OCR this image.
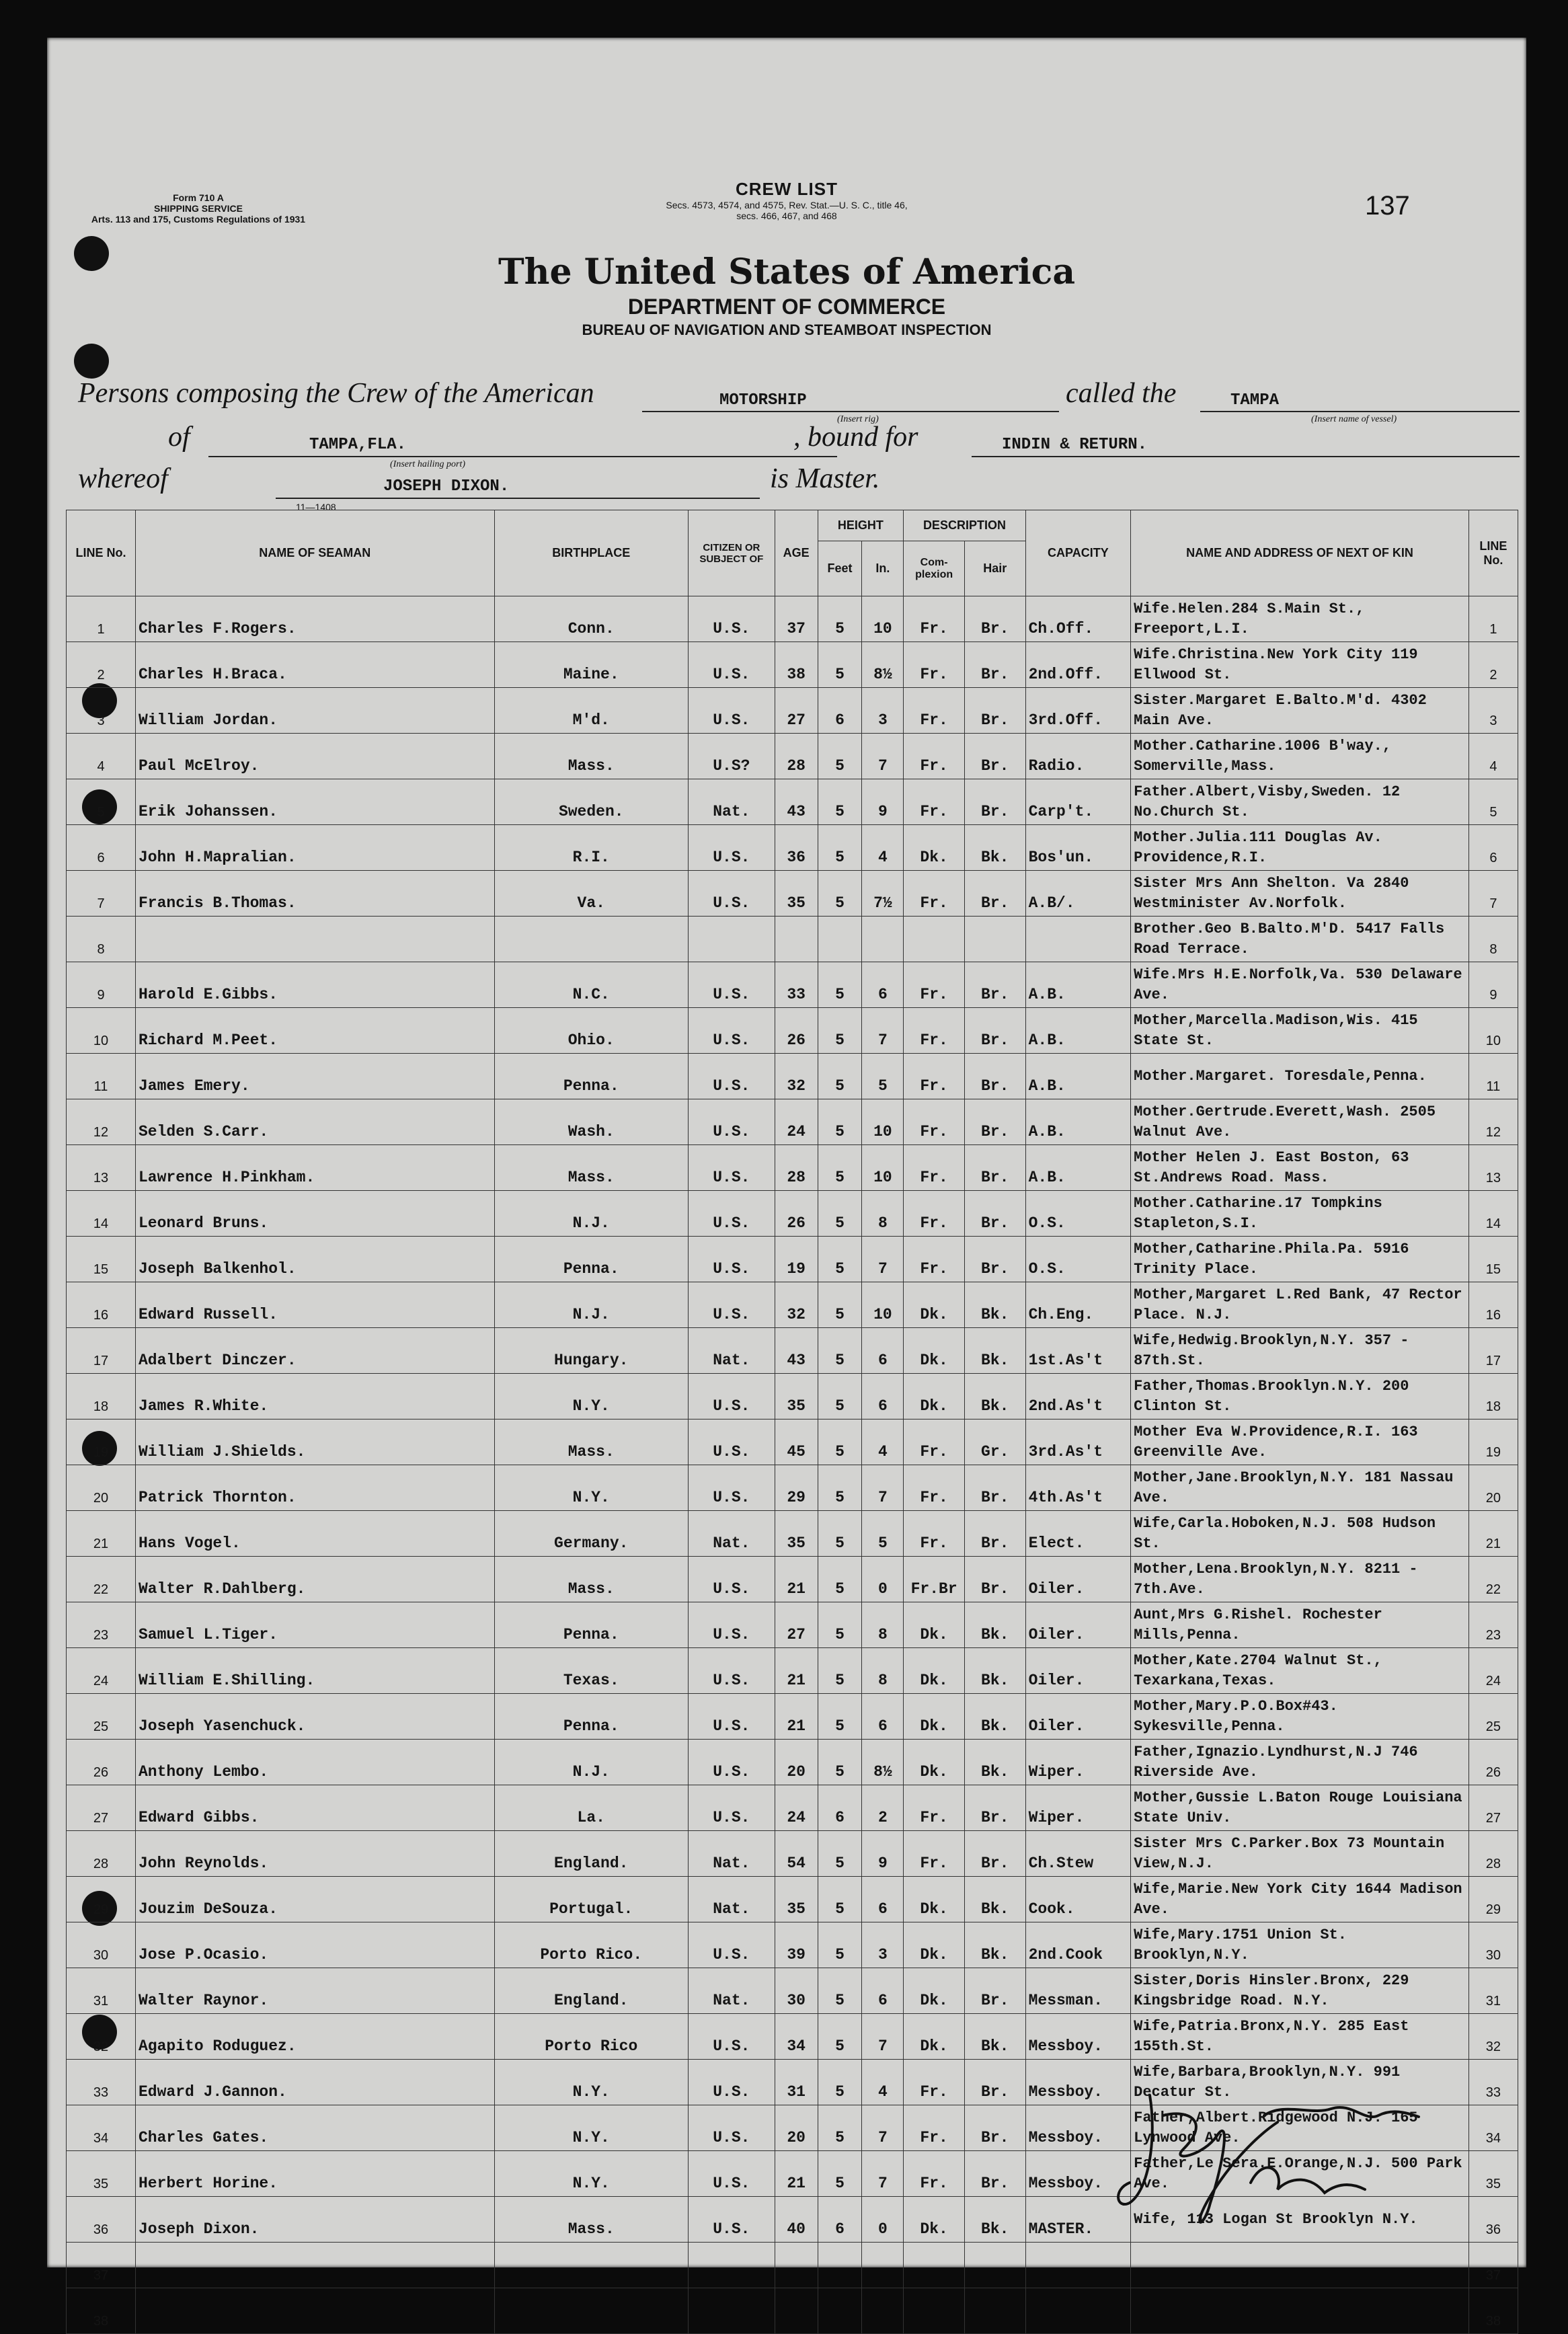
Form 710 A
SHIPPING SERVICE
Arts. 113 and 175, Customs Regulations of 1931
CREW LIST
Secs. 4573, 4574, and 4575, Rev. Stat.—U. S. C., title 46,
secs. 466, 467, and 468	137
The United States of America
DEPARTMENT OF COMMERCE
BUREAU OF NAVIGATION AND STEAMBOAT INSPECTION
Persons composing the Crew of the American	MOTORSHIP
(Insert rig)
called the	TAMPA
(Insert name of vessel)
of	TAMPA,FLA.
(Insert hailing port)
, bound for	INDIN & RETURN.
whereof	JOSEPH DIXON.	is Master.
11—1408
LINE No.	NAME OF SEAMAN	BIRTHPLACE	CITIZEN OR SUBJECT OF	AGE	HEIGHT		DESCRIPTION		CAPACITY	NAME AND ADDRESS OF NEXT OF KIN	LINE No.
					Feet	In.	Com- plexion	Hair			
1	Charles F.Rogers.	Conn.	U.S.	37	5	10	Fr.	Br.	Ch.Off.	Wife.Helen.284 S.Main St., Freeport,L.I.	1
2	Charles H.Braca.	Maine.	U.S.	38	5	8½	Fr.	Br.	2nd.Off.	Wife.Christina.New York City 119 Ellwood St.	2
3	William Jordan.	M'd.	U.S.	27	6	3	Fr.	Br.	3rd.Off.	Sister.Margaret E.Balto.M'd. 4302 Main Ave.	3
4	Paul McElroy.	Mass.	U.S?	28	5	7	Fr.	Br.	Radio.	Mother.Catharine.1006 B'way., Somerville,Mass.	4
5	Erik Johanssen.	Sweden.	Nat.	43	5	9	Fr.	Br.	Carp't.	Father.Albert,Visby,Sweden. 12 No.Church St.	5
6	John H.Mapralian.	R.I.	U.S.	36	5	4	Dk.	Bk.	Bos'un.	Mother.Julia.111 Douglas Av. Providence,R.I.	6
7	Francis B.Thomas.	Va.	U.S.	35	5	7½	Fr.	Br.	A.B/.	Sister Mrs Ann Shelton. Va 2840 Westminister Av.Norfolk.	7
8										Brother.Geo B.Balto.M'D. 5417 Falls Road Terrace.	8
9	Harold E.Gibbs.	N.C.	U.S.	33	5	6	Fr.	Br.	A.B.	Wife.Mrs H.E.Norfolk,Va. 530 Delaware Ave.	9
10	Richard M.Peet.	Ohio.	U.S.	26	5	7	Fr.	Br.	A.B.	Mother,Marcella.Madison,Wis. 415 State St.	10
11	James Emery.	Penna.	U.S.	32	5	5	Fr.	Br.	A.B.	Mother.Margaret. Toresdale,Penna.	11
12	Selden S.Carr.	Wash.	U.S.	24	5	10	Fr.	Br.	A.B.	Mother.Gertrude.Everett,Wash. 2505 Walnut Ave.	12
13	Lawrence H.Pinkham.	Mass.	U.S.	28	5	10	Fr.	Br.	A.B.	Mother Helen J. East Boston, 63 St.Andrews Road. Mass.	13
14	Leonard Bruns.	N.J.	U.S.	26	5	8	Fr.	Br.	O.S.	Mother.Catharine.17 Tompkins Stapleton,S.I.	14
15	Joseph Balkenhol.	Penna.	U.S.	19	5	7	Fr.	Br.	O.S.	Mother,Catharine.Phila.Pa. 5916 Trinity Place.	15
16	Edward Russell.	N.J.	U.S.	32	5	10	Dk.	Bk.	Ch.Eng.	Mother,Margaret L.Red Bank, 47 Rector Place. N.J.	16
17	Adalbert Dinczer.	Hungary.	Nat.	43	5	6	Dk.	Bk.	1st.As't	Wife,Hedwig.Brooklyn,N.Y. 357 - 87th.St.	17
18	James R.White.	N.Y.	U.S.	35	5	6	Dk.	Bk.	2nd.As't	Father,Thomas.Brooklyn.N.Y. 200 Clinton St.	18
19	William J.Shields.	Mass.	U.S.	45	5	4	Fr.	Gr.	3rd.As't	Mother Eva W.Providence,R.I. 163 Greenville Ave.	19
20	Patrick Thornton.	N.Y.	U.S.	29	5	7	Fr.	Br.	4th.As't	Mother,Jane.Brooklyn,N.Y. 181 Nassau Ave.	20
21	Hans Vogel.	Germany.	Nat.	35	5	5	Fr.	Br.	Elect.	Wife,Carla.Hoboken,N.J. 508 Hudson St.	21
22	Walter R.Dahlberg.	Mass.	U.S.	21	5	0	Fr.Br	Br.	Oiler.	Mother,Lena.Brooklyn,N.Y. 8211 - 7th.Ave.	22
23	Samuel L.Tiger.	Penna.	U.S.	27	5	8	Dk.	Bk.	Oiler.	Aunt,Mrs G.Rishel. Rochester Mills,Penna.	23
24	William E.Shilling.	Texas.	U.S.	21	5	8	Dk.	Bk.	Oiler.	Mother,Kate.2704 Walnut St., Texarkana,Texas.	24
25	Joseph Yasenchuck.	Penna.	U.S.	21	5	6	Dk.	Bk.	Oiler.	Mother,Mary.P.O.Box#43. Sykesville,Penna.	25
26	Anthony Lembo.	N.J.	U.S.	20	5	8½	Dk.	Bk.	Wiper.	Father,Ignazio.Lyndhurst,N.J 746 Riverside Ave.	26
27	Edward Gibbs.	La.	U.S.	24	6	2	Fr.	Br.	Wiper.	Mother,Gussie L.Baton Rouge Louisiana State Univ.	27
28	John Reynolds.	England.	Nat.	54	5	9	Fr.	Br.	Ch.Stew	Sister Mrs C.Parker.Box 73 Mountain View,N.J.	28
29	Jouzim DeSouza.	Portugal.	Nat.	35	5	6	Dk.	Bk.	Cook.	Wife,Marie.New York City 1644 Madison Ave.	29
30	Jose P.Ocasio.	Porto Rico.	U.S.	39	5	3	Dk.	Bk.	2nd.Cook	Wife,Mary.1751 Union St. Brooklyn,N.Y.	30
31	Walter Raynor.	England.	Nat.	30	5	6	Dk.	Br.	Messman.	Sister,Doris Hinsler.Bronx, 229 Kingsbridge Road. N.Y.	31
32	Agapito Roduguez.	Porto Rico	U.S.	34	5	7	Dk.	Bk.	Messboy.	Wife,Patria.Bronx,N.Y. 285 East 155th.St.	32
33	Edward J.Gannon.	N.Y.	U.S.	31	5	4	Fr.	Br.	Messboy.	Wife,Barbara,Brooklyn,N.Y. 991 Decatur St.	33
34	Charles Gates.	N.Y.	U.S.	20	5	7	Fr.	Br.	Messboy.	Father,Albert.Ridgewood N.J. 165 Lynwood Ave.	34
35	Herbert Horine.	N.Y.	U.S.	21	5	7	Fr.	Br.	Messboy.	Father,Le Sera.E.Orange,N.J. 500 Park Ave.	35
36	Joseph Dixon.	Mass.	U.S.	40	6	0	Dk.	Bk.	MASTER.	Wife, 113 Logan St Brooklyn N.Y.	36
37											37
38											38
